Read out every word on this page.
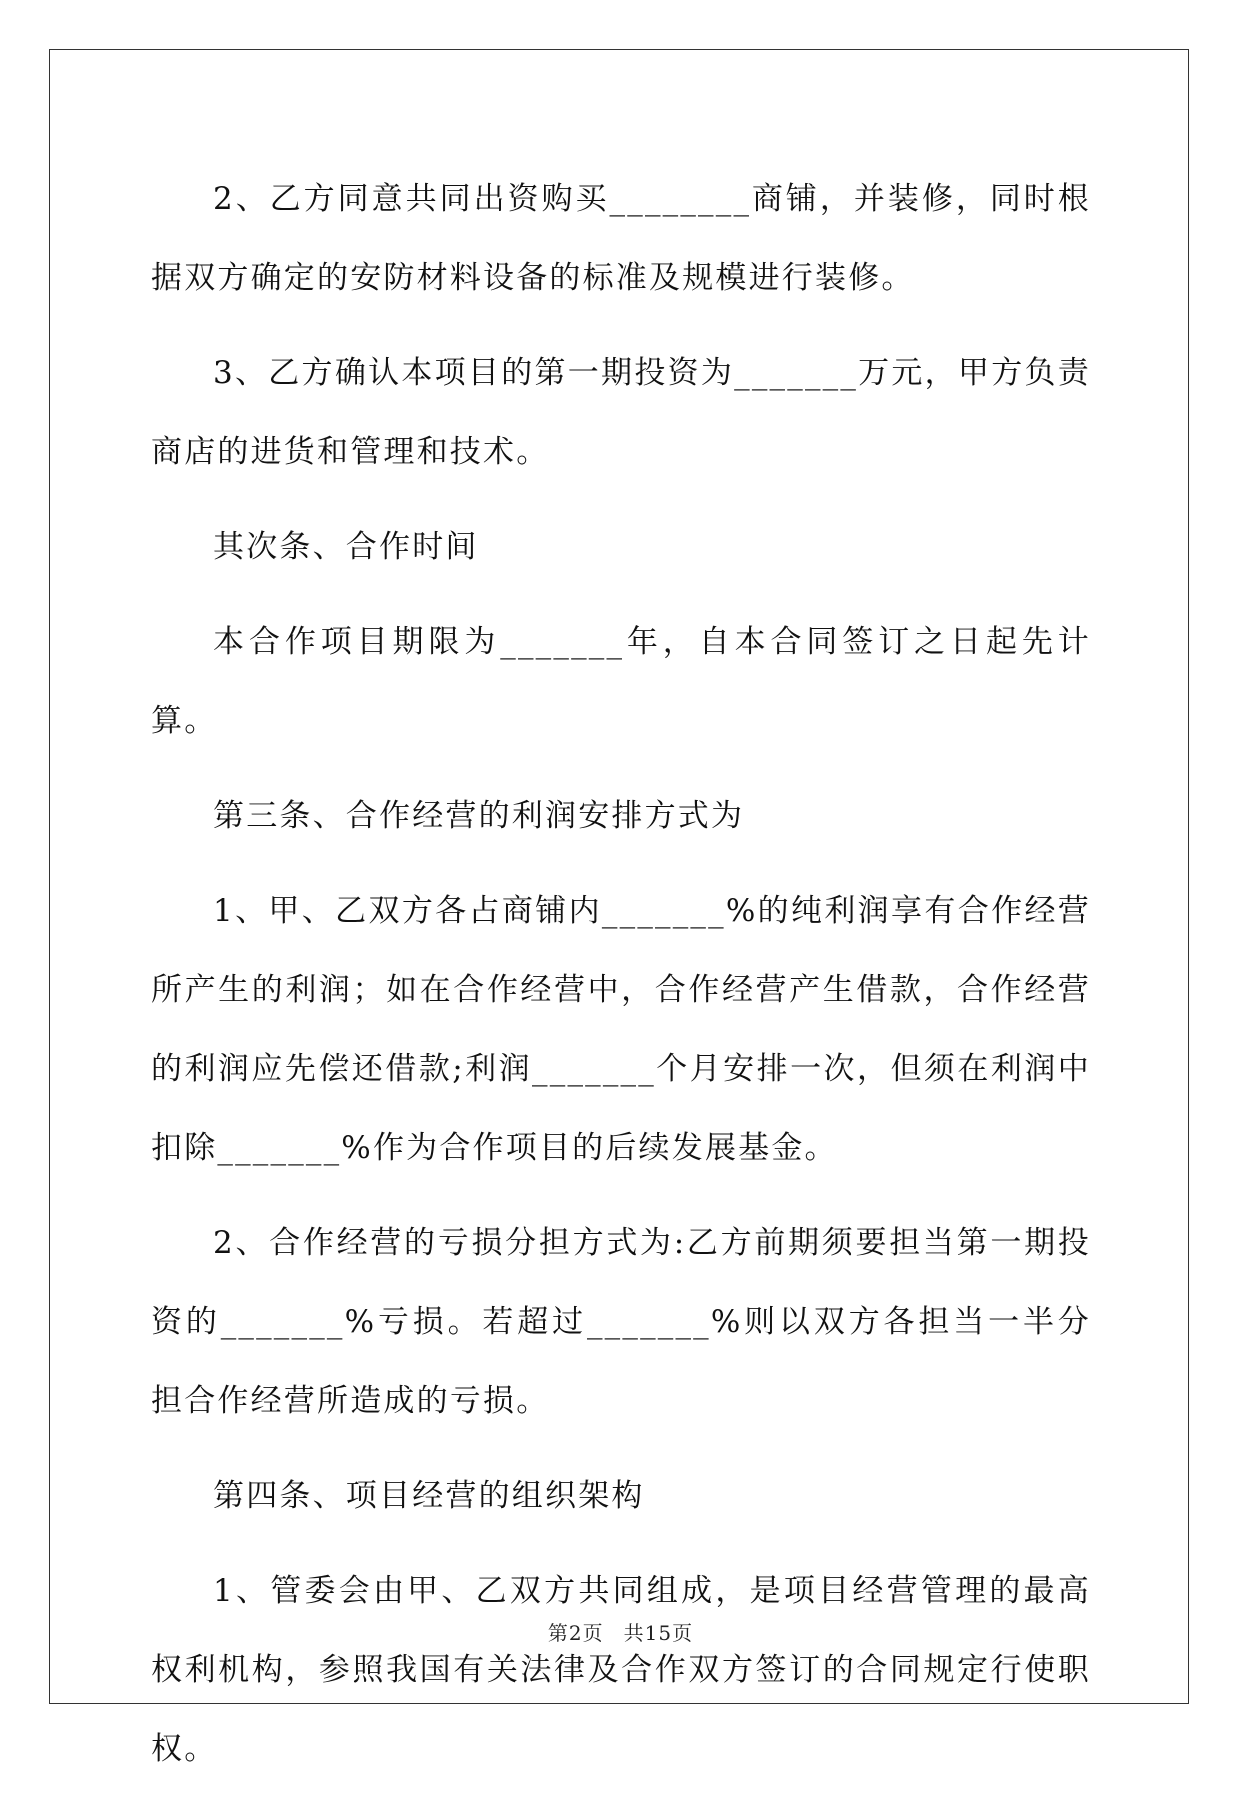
2、乙方同意共同出资购买________商铺，并装修，同时根据双方确定的安防材料设备的标准及规模进行装修。

3、乙方确认本项目的第一期投资为_______万元，甲方负责商店的进货和管理和技术。

其次条、合作时间

本合作项目期限为_______年，自本合同签订之日起先计算。

第三条、合作经营的利润安排方式为

1、甲、乙双方各占商铺内_______%的纯利润享有合作经营所产生的利润；如在合作经营中，合作经营产生借款，合作经营的利润应先偿还借款;利润_______个月安排一次，但须在利润中扣除_______%作为合作项目的后续发展基金。

2、合作经营的亏损分担方式为:乙方前期须要担当第一期投资的_______%亏损。若超过_______%则以双方各担当一半分担合作经营所造成的亏损。

第四条、项目经营的组织架构

1、管委会由甲、乙双方共同组成，是项目经营管理的最高权利机构，参照我国有关法律及合作双方签订的合同规定行使职权。

第2页 共15页
